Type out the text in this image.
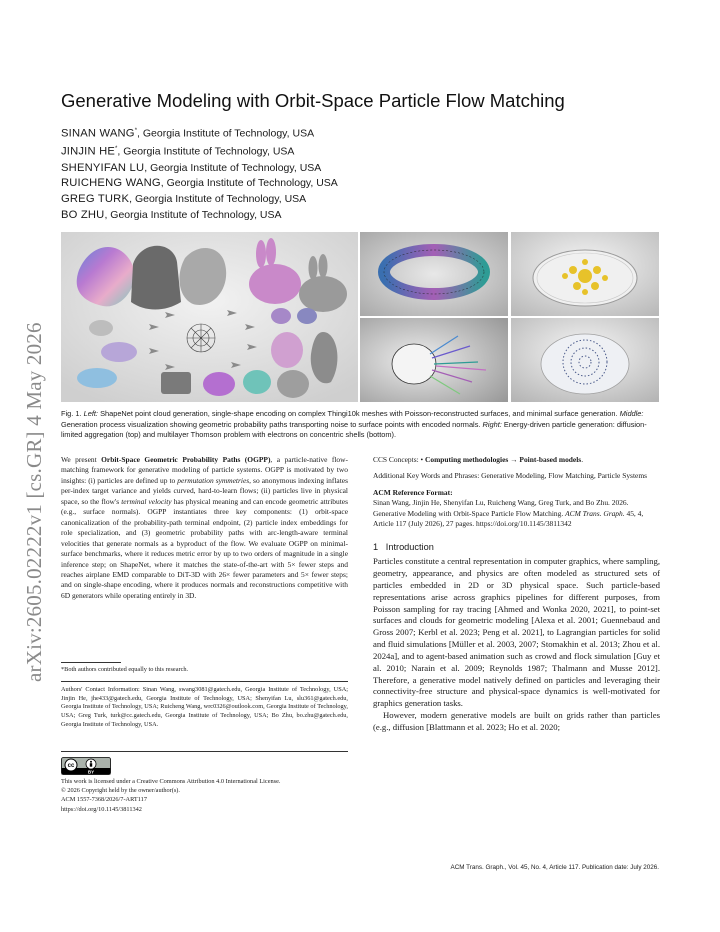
arXiv:2605.02222v1 [cs.GR] 4 May 2026
Generative Modeling with Orbit-Space Particle Flow Matching
SINAN WANG*, Georgia Institute of Technology, USA
JINJIN HE*, Georgia Institute of Technology, USA
SHENYIFAN LU, Georgia Institute of Technology, USA
RUICHENG WANG, Georgia Institute of Technology, USA
GREG TURK, Georgia Institute of Technology, USA
BO ZHU, Georgia Institute of Technology, USA
Fig. 1. Left: ShapeNet point cloud generation, single-shape encoding on complex Thingi10k meshes with Poisson-reconstructed surfaces, and minimal surface generation. Middle: Generation process visualization showing geometric probability paths transporting noise to surface points with encoded normals. Right: Energy-driven particle generation: diffusion-limited aggregation (top) and multilayer Thomson problem with electrons on concentric shells (bottom).
We present Orbit-Space Geometric Probability Paths (OGPP), a particle-native flow-matching framework for generative modeling of particle systems. OGPP is motivated by two insights: (i) particles are defined up to permutation symmetries, so anonymous indexing inflates per-index target variance and yields curved, hard-to-learn flows; (ii) particles live in physical space, so the flow's terminal velocity has physical meaning and can encode geometric attributes (e.g., surface normals). OGPP instantiates three key components: (1) orbit-space canonicalization of the probability-path terminal endpoint, (2) particle index embeddings for role specialization, and (3) geometric probability paths with arc-length-aware terminal velocities that generate normals as a byproduct of the flow. We evaluate OGPP on minimal-surface benchmarks, where it reduces metric error by up to two orders of magnitude in a single inference step; on ShapeNet, where it matches the state-of-the-art with 5× fewer steps and reaches airplane EMD comparable to DiT-3D with 26× fewer parameters and 5× fewer steps; and on single-shape encoding, where it produces normals and reconstructions competitive with 6D generators while operating entirely in 3D.
*Both authors contributed equally to this research.
Authors' Contact Information: Sinan Wang, swang3081@gatech.edu, Georgia Institute of Technology, USA; Jinjin He, jhe433@gatech.edu, Georgia Institute of Technology, USA; Shenyifan Lu, slu361@gatech.edu, Georgia Institute of Technology, USA; Ruicheng Wang, wrc0326@outlook.com, Georgia Institute of Technology, USA; Greg Turk, turk@cc.gatech.edu, Georgia Institute of Technology, USA; Bo Zhu, bo.zhu@gatech.edu, Georgia Institute of Technology, USA.
cc
BY
This work is licensed under a Creative Commons Attribution 4.0 International License.
© 2026 Copyright held by the owner/author(s).
ACM 1557-7368/2026/7-ART117
https://doi.org/10.1145/3811342
CCS Concepts: • Computing methodologies → Point-based models.
Additional Key Words and Phrases: Generative Modeling, Flow Matching, Particle Systems
ACM Reference Format:
Sinan Wang, Jinjin He, Shenyifan Lu, Ruicheng Wang, Greg Turk, and Bo Zhu. 2026. Generative Modeling with Orbit-Space Particle Flow Matching. ACM Trans. Graph. 45, 4, Article 117 (July 2026), 27 pages. https://doi.org/10.1145/3811342
1 Introduction
Particles constitute a central representation in computer graphics, where sampling, geometry, appearance, and physics are often modeled as structured sets of particles embedded in 2D or 3D physical space. Such particle-based representations arise across graphics pipelines for different purposes, from Poisson sampling for ray tracing [Ahmed and Wonka 2020, 2021], to point-set surfaces and clouds for geometric modeling [Alexa et al. 2001; Guennebaud and Gross 2007; Kerbl et al. 2023; Peng et al. 2021], to Lagrangian particles for solid and fluid simulations [Müller et al. 2003, 2007; Stomakhin et al. 2013; Zhou et al. 2024a], and to agent-based animation such as crowd and flock simulation [Guy et al. 2010; Narain et al. 2009; Reynolds 1987; Thalmann and Musse 2012]. Therefore, a generative model natively defined on particles and leveraging their connectivity-free structure and physical-space dynamics is well-motivated for graphics generation tasks.
However, modern generative models are built on grids rather than particles (e.g., diffusion [Blattmann et al. 2023; Ho et al. 2020;
ACM Trans. Graph., Vol. 45, No. 4, Article 117. Publication date: July 2026.
